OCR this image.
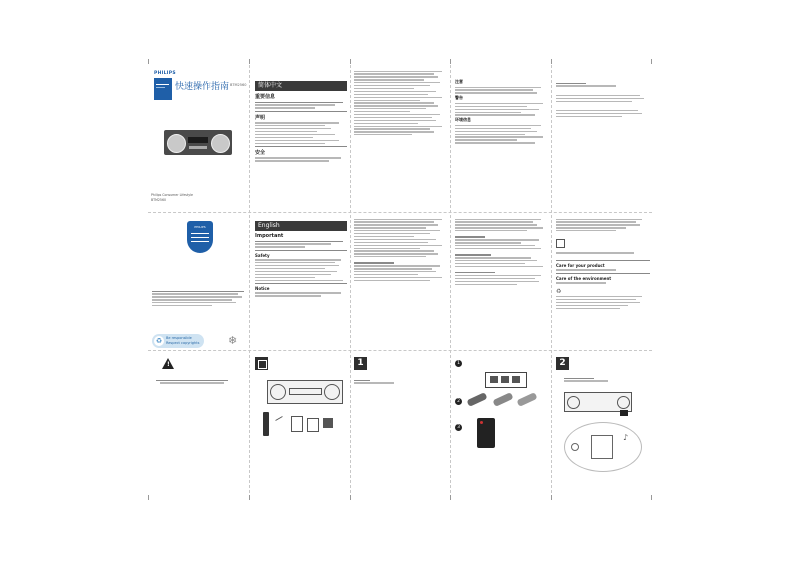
PHILIPS
快速操作指南 BTM2560
Philips Consumer Lifestyle
BTM2560
简体中文
重要信息
声明
安全
注意
警告
环境信息
PHILIPS
♻	Be responsible
Respect copyrights	❄
English
Important
Safety
Notice
Care for your product
Care of the environment
♻
!	1	1
2
3
2
♪
